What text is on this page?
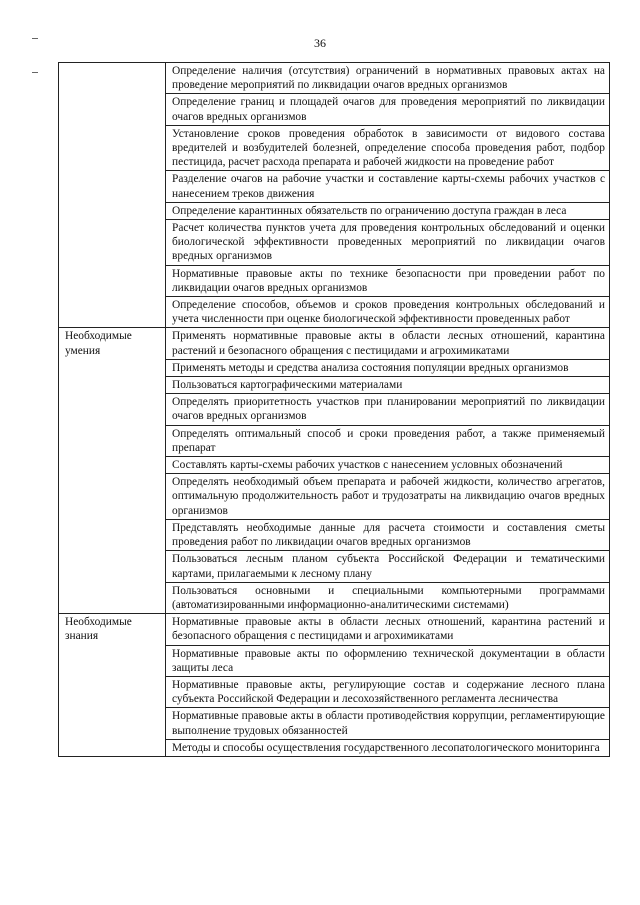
36
	Определение наличия (отсутствия) ограничений в нормативных правовых актах на проведение мероприятий по ликвидации очагов вредных организмов
	Определение границ и площадей очагов для проведения мероприятий по ликвидации очагов вредных организмов
	Установление сроков проведения обработок в зависимости от видового состава вредителей и возбудителей болезней, определение способа проведения работ, подбор пестицида, расчет расхода препарата и рабочей жидкости на проведение работ
	Разделение очагов на рабочие участки и составление карты-схемы рабочих участков с нанесением треков движения
	Определение карантинных обязательств по ограничению доступа граждан в леса
	Расчет количества пунктов учета для проведения контрольных обследований и оценки биологической эффективности проведенных мероприятий по ликвидации очагов вредных организмов
	Нормативные правовые акты по технике безопасности при проведении работ по ликвидации очагов вредных организмов
	Определение способов, объемов и сроков проведения контрольных обследований и учета численности при оценке биологической эффективности проведенных работ
Необходимые умения	Применять нормативные правовые акты в области лесных отношений, карантина растений и безопасного обращения с пестицидами и агрохимикатами
	Применять методы и средства анализа состояния популяции вредных организмов
	Пользоваться картографическими материалами
	Определять приоритетность участков при планировании мероприятий по ликвидации очагов вредных организмов
	Определять оптимальный способ и сроки проведения работ, а также применяемый препарат
	Составлять карты-схемы рабочих участков с нанесением условных обозначений
	Определять необходимый объем препарата и рабочей жидкости, количество агрегатов, оптимальную продолжительность работ и трудозатраты на ликвидацию очагов вредных организмов
	Представлять необходимые данные для расчета стоимости и составления сметы проведения работ по ликвидации очагов вредных организмов
	Пользоваться лесным планом субъекта Российской Федерации и тематическими картами, прилагаемыми к лесному плану
	Пользоваться основными и специальными компьютерными программами (автоматизированными информационно-аналитическими системами)
Необходимые знания	Нормативные правовые акты в области лесных отношений, карантина растений и безопасного обращения с пестицидами и агрохимикатами
	Нормативные правовые акты по оформлению технической документации в области защиты леса
	Нормативные правовые акты, регулирующие состав и содержание лесного плана субъекта Российской Федерации и лесохозяйственного регламента лесничества
	Нормативные правовые акты в области противодействия коррупции, регламентирующие выполнение трудовых обязанностей
	Методы и способы осуществления государственного лесопатологического мониторинга
